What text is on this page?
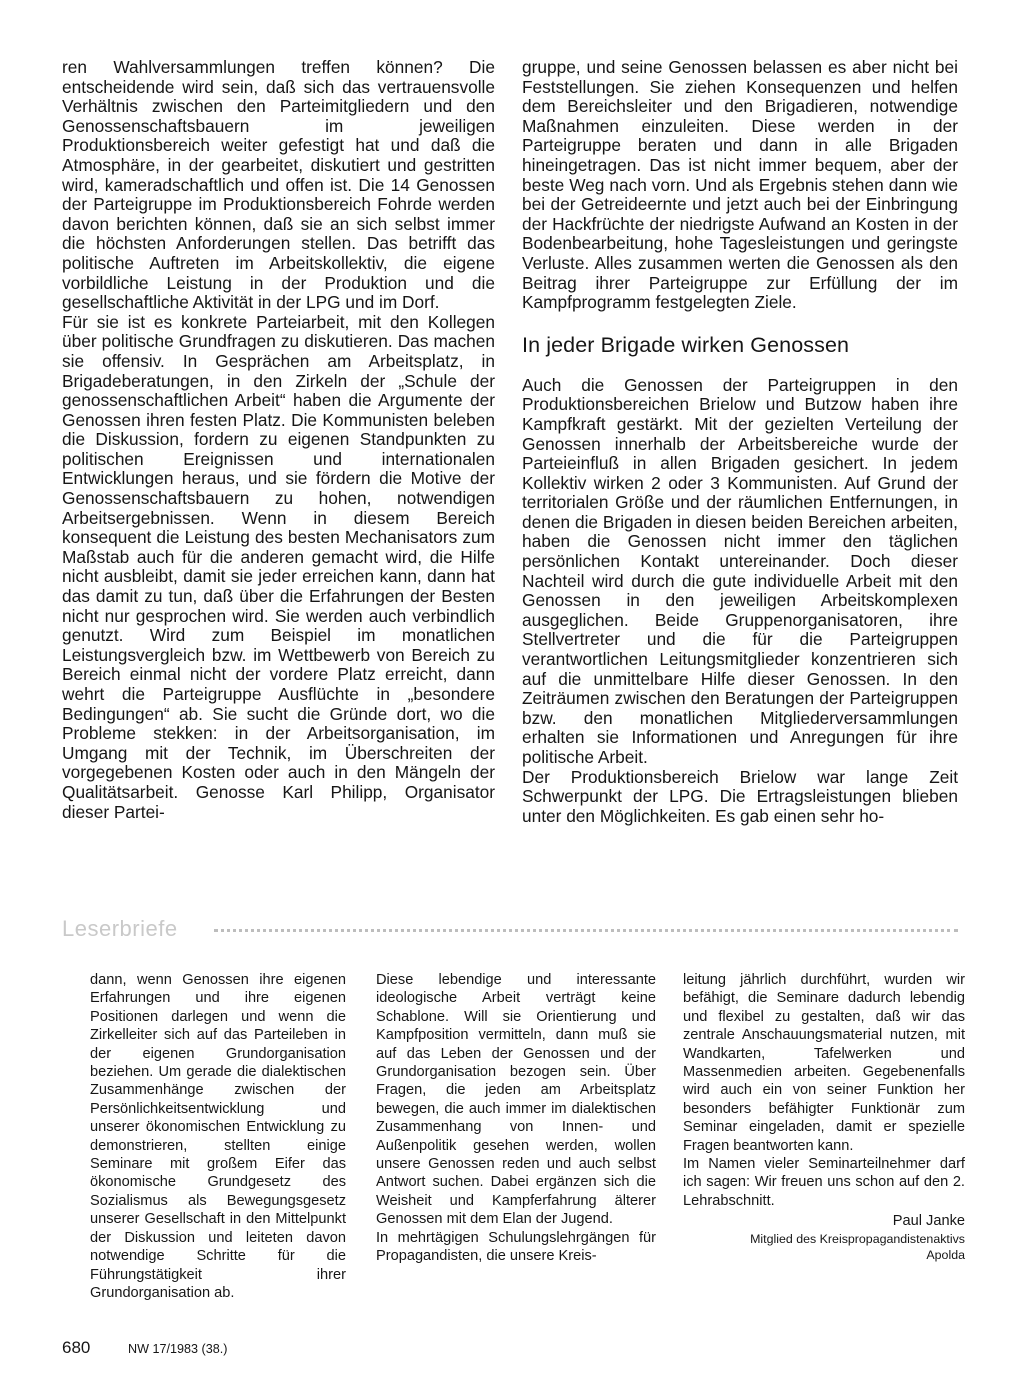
ren Wahlversammlungen treffen können? Die entscheidende wird sein, daß sich das vertrauensvolle Verhältnis zwischen den Parteimitgliedern und den Genossenschaftsbauern im jeweiligen Produktionsbereich weiter gefestigt hat und daß die Atmosphäre, in der gearbeitet, diskutiert und gestritten wird, kameradschaftlich und offen ist. Die 14 Genossen der Parteigruppe im Produktionsbereich Fohrde werden davon berichten können, daß sie an sich selbst immer die höchsten Anforderungen stellen. Das betrifft das politische Auftreten im Arbeitskollektiv, die eigene vorbildliche Leistung in der Produktion und die gesellschaftliche Aktivität in der LPG und im Dorf.

Für sie ist es konkrete Parteiarbeit, mit den Kollegen über politische Grundfragen zu diskutieren. Das machen sie offensiv. In Gesprächen am Arbeitsplatz, in Brigadeberatungen, in den Zirkeln der „Schule der genossenschaftlichen Arbeit“ haben die Argumente der Genossen ihren festen Platz. Die Kommunisten beleben die Diskussion, fordern zu eigenen Standpunkten zu politischen Ereignissen und internationalen Entwicklungen heraus, und sie fördern die Motive der Genossenschaftsbauern zu hohen, notwendigen Arbeitsergebnissen. Wenn in diesem Bereich konsequent die Leistung des besten Mechanisators zum Maßstab auch für die anderen gemacht wird, die Hilfe nicht ausbleibt, damit sie jeder erreichen kann, dann hat das damit zu tun, daß über die Erfahrungen der Besten nicht nur gesprochen wird. Sie werden auch verbindlich genutzt. Wird zum Beispiel im monatlichen Leistungsvergleich bzw. im Wettbewerb von Bereich zu Bereich einmal nicht der vordere Platz erreicht, dann wehrt die Parteigruppe Ausflüchte in „besondere Bedingungen“ ab. Sie sucht die Gründe dort, wo die Probleme stekken: in der Arbeitsorganisation, im Umgang mit der Technik, im Überschreiten der vorgegebenen Kosten oder auch in den Mängeln der Qualitätsarbeit. Genosse Karl Philipp, Organisator dieser Partei-

gruppe, und seine Genossen belassen es aber nicht bei Feststellungen. Sie ziehen Konsequenzen und helfen dem Bereichsleiter und den Brigadieren, notwendige Maßnahmen einzuleiten. Diese werden in der Parteigruppe beraten und dann in alle Brigaden hineingetragen. Das ist nicht immer bequem, aber der beste Weg nach vorn. Und als Ergebnis stehen dann wie bei der Getreideernte und jetzt auch bei der Einbringung der Hackfrüchte der niedrigste Aufwand an Kosten in der Bodenbearbeitung, hohe Tagesleistungen und geringste Verluste. Alles zusammen werten die Genossen als den Beitrag ihrer Parteigruppe zur Erfüllung der im Kampfprogramm festgelegten Ziele.

In jeder Brigade wirken Genossen

Auch die Genossen der Parteigruppen in den Produktionsbereichen Brielow und Butzow haben ihre Kampfkraft gestärkt. Mit der gezielten Verteilung der Genossen innerhalb der Arbeitsbereiche wurde der Parteieinfluß in allen Brigaden gesichert. In jedem Kollektiv wirken 2 oder 3 Kommunisten. Auf Grund der territorialen Größe und der räumlichen Entfernungen, in denen die Brigaden in diesen beiden Bereichen arbeiten, haben die Genossen nicht immer den täglichen persönlichen Kontakt untereinander. Doch dieser Nachteil wird durch die gute individuelle Arbeit mit den Genossen in den jeweiligen Arbeitskomplexen ausgeglichen. Beide Gruppenorganisatoren, ihre Stellvertreter und die für die Parteigruppen verantwortlichen Leitungsmitglieder konzentrieren sich auf die unmittelbare Hilfe dieser Genossen. In den Zeiträumen zwischen den Beratungen der Parteigruppen bzw. den monatlichen Mitgliederversammlungen erhalten sie Informationen und Anregungen für ihre politische Arbeit.

Der Produktionsbereich Brielow war lange Zeit Schwerpunkt der LPG. Die Ertragsleistungen blieben unter den Möglichkeiten. Es gab einen sehr ho-

Leserbriefe

dann, wenn Genossen ihre eigenen Erfahrungen und ihre eigenen Positionen darlegen und wenn die Zirkelleiter sich auf das Parteileben in der eigenen Grundorganisation beziehen. Um gerade die dialektischen Zusammenhänge zwischen der Persönlichkeitsentwicklung und unserer ökonomischen Entwicklung zu demonstrieren, stellten einige Seminare mit großem Eifer das ökonomische Grundgesetz des Sozialismus als Bewegungsgesetz unserer Gesellschaft in den Mittelpunkt der Diskussion und leiteten davon notwendige Schritte für die Führungstätigkeit ihrer Grundorganisation ab.

Diese lebendige und interessante ideologische Arbeit verträgt keine Schablone. Will sie Orientierung und Kampfposition vermitteln, dann muß sie auf das Leben der Genossen und der Grundorganisation bezogen sein. Über Fragen, die jeden am Arbeitsplatz bewegen, die auch immer im dialektischen Zusammenhang von Innen- und Außenpolitik gesehen werden, wollen unsere Genossen reden und auch selbst Antwort suchen. Dabei ergänzen sich die Weisheit und Kampferfahrung älterer Genossen mit dem Elan der Jugend.

In mehrtägigen Schulungslehrgängen für Propagandisten, die unsere Kreis-

leitung jährlich durchführt, wurden wir befähigt, die Seminare dadurch lebendig und flexibel zu gestalten, daß wir das zentrale Anschauungsmaterial nutzen, mit Wandkarten, Tafelwerken und Massenmedien arbeiten. Gegebenenfalls wird auch ein von seiner Funktion her besonders befähigter Funktionär zum Seminar eingeladen, damit er spezielle Fragen beantworten kann.

Im Namen vieler Seminarteilnehmer darf ich sagen: Wir freuen uns schon auf den 2. Lehrabschnitt.

Paul Janke
Mitglied des Kreispropagandistenaktivs
Apolda
680	NW 17/1983 (38.)
